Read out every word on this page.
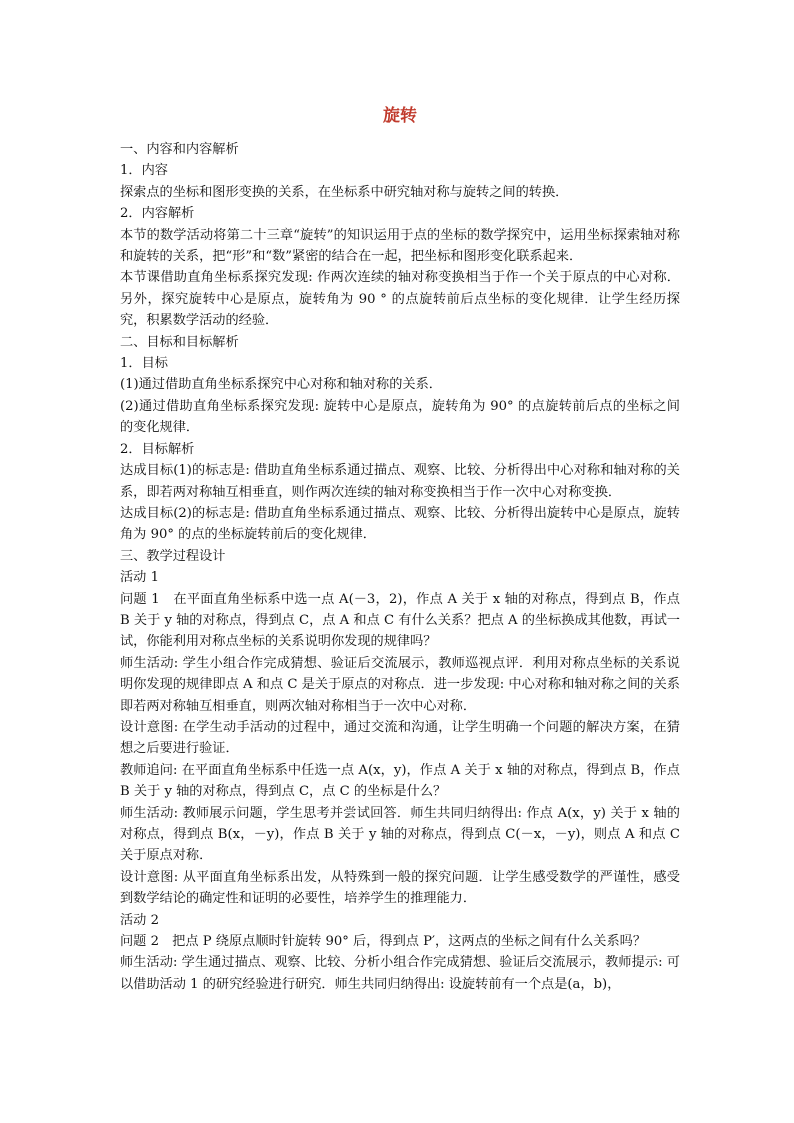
旋转

一、内容和内容解析

1．内容

探索点的坐标和图形变换的关系，在坐标系中研究轴对称与旋转之间的转换．

2．内容解析

本节的数学活动将第二十三章“旋转”的知识运用于点的坐标的数学探究中，运用坐标探索轴对称和旋转的关系，把“形”和“数”紧密的结合在一起，把坐标和图形变化联系起来．

本节课借助直角坐标系探究发现: 作两次连续的轴对称变换相当于作一个关于原点的中心对称．另外，探究旋转中心是原点，旋转角为 90 ° 的点旋转前后点坐标的变化规律．让学生经历探究，积累数学活动的经验．

二、目标和目标解析

1．目标

(1)通过借助直角坐标系探究中心对称和轴对称的关系．

(2)通过借助直角坐标系探究发现: 旋转中心是原点，旋转角为 90° 的点旋转前后点的坐标之间的变化规律．

2．目标解析

达成目标(1)的标志是: 借助直角坐标系通过描点、观察、比较、分析得出中心对称和轴对称的关系，即若两对称轴互相垂直，则作两次连续的轴对称变换相当于作一次中心对称变换．

达成目标(2)的标志是: 借助直角坐标系通过描点、观察、比较、分析得出旋转中心是原点，旋转角为 90° 的点的坐标旋转前后的变化规律．

三、教学过程设计

活动 1

问题 1　在平面直角坐标系中选一点 A(－3，2)，作点 A 关于 x 轴的对称点，得到点 B，作点 B 关于 y 轴的对称点，得到点 C，点 A 和点 C 有什么关系？把点 A 的坐标换成其他数，再试一试，你能利用对称点坐标的关系说明你发现的规律吗？

师生活动: 学生小组合作完成猜想、验证后交流展示，教师巡视点评．利用对称点坐标的关系说明你发现的规律即点 A 和点 C 是关于原点的对称点．进一步发现: 中心对称和轴对称之间的关系即若两对称轴互相垂直，则两次轴对称相当于一次中心对称．

设计意图: 在学生动手活动的过程中，通过交流和沟通，让学生明确一个问题的解决方案，在猜想之后要进行验证．

教师追问: 在平面直角坐标系中任选一点 A(x，y)，作点 A 关于 x 轴的对称点，得到点 B，作点 B 关于 y 轴的对称点，得到点 C，点 C 的坐标是什么？

师生活动: 教师展示问题，学生思考并尝试回答．师生共同归纳得出: 作点 A(x，y) 关于 x 轴的对称点，得到点 B(x，－y)，作点 B 关于 y 轴的对称点，得到点 C(－x，－y)，则点 A 和点 C 关于原点对称．

设计意图: 从平面直角坐标系出发，从特殊到一般的探究问题．让学生感受数学的严谨性，感受到数学结论的确定性和证明的必要性，培养学生的推理能力．

活动 2

问题 2　把点 P 绕原点顺时针旋转 90° 后，得到点 P′，这两点的坐标之间有什么关系吗？

师生活动: 学生通过描点、观察、比较、分析小组合作完成猜想、验证后交流展示，教师提示: 可以借助活动 1 的研究经验进行研究．师生共同归纳得出: 设旋转前有一个点是(a，b)，
